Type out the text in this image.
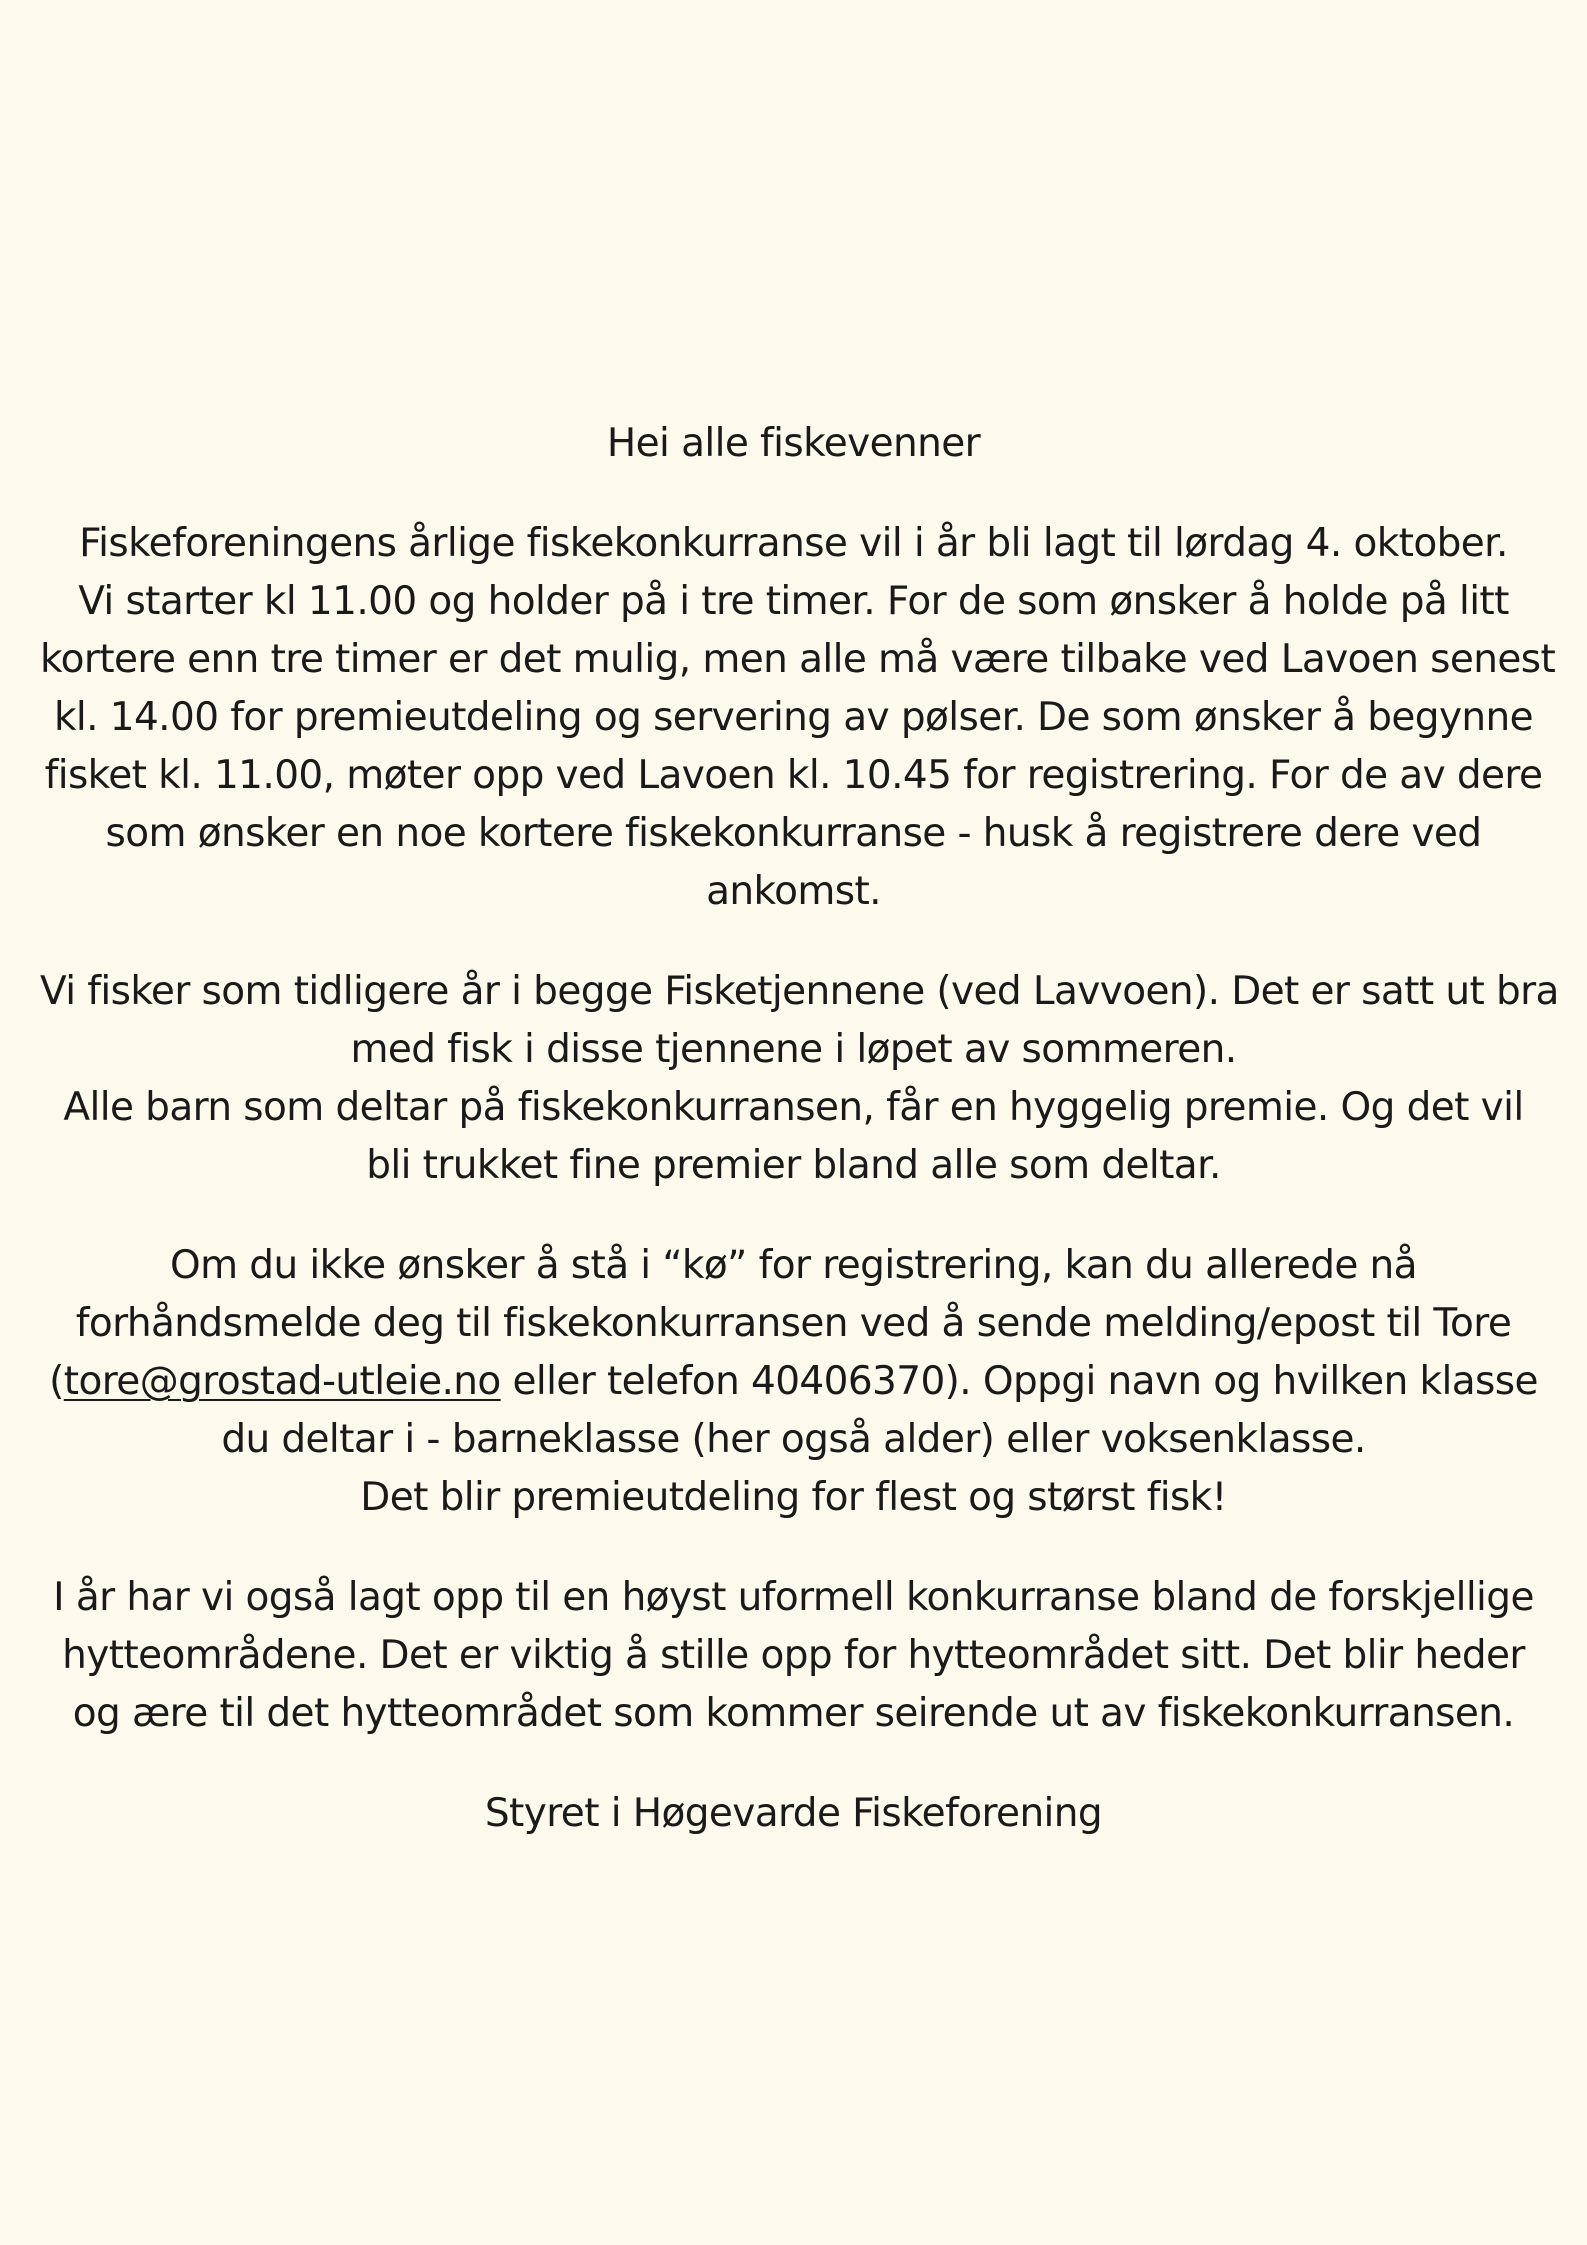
Hei alle fiskevenner

Fiskeforeningens årlige fiskekonkurranse vil i år bli lagt til lørdag 4. oktober.
Vi starter kl 11.00 og holder på i tre timer. For de som ønsker å holde på litt
kortere enn tre timer er det mulig, men alle må være tilbake ved Lavoen senest
kl. 14.00 for premieutdeling og servering av pølser. De som ønsker å begynne
fisket kl. 11.00, møter opp ved Lavoen kl. 10.45 for registrering. For de av dere
som ønsker en noe kortere fiskekonkurranse - husk å registrere dere ved
ankomst.

Vi fisker som tidligere år i begge Fisketjennene (ved Lavvoen). Det er satt ut bra
med fisk i disse tjennene i løpet av sommeren.
Alle barn som deltar på fiskekonkurransen, får en hyggelig premie. Og det vil
bli trukket fine premier bland alle som deltar.

Om du ikke ønsker å stå i “kø” for registrering, kan du allerede nå
forhåndsmelde deg til fiskekonkurransen ved å sende melding/epost til Tore
(tore@grostad-utleie.no eller telefon 40406370). Oppgi navn og hvilken klasse
du deltar i - barneklasse (her også alder) eller voksenklasse.
Det blir premieutdeling for flest og størst fisk!

I år har vi også lagt opp til en høyst uformell konkurranse bland de forskjellige
hytteområdene. Det er viktig å stille opp for hytteområdet sitt. Det blir heder
og ære til det hytteområdet som kommer seirende ut av fiskekonkurransen.

Styret i Høgevarde Fiskeforening
